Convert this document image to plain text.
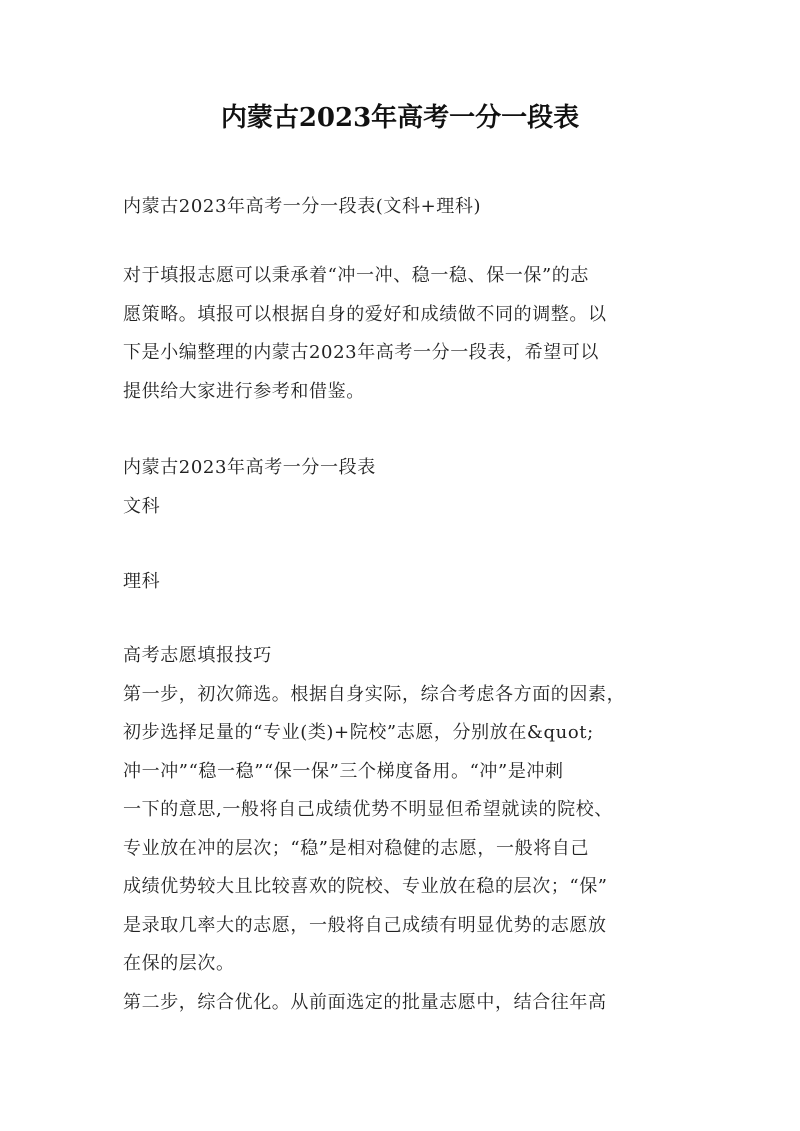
内蒙古2023年高考一分一段表
内蒙古2023年高考一分一段表(文科+理科)
对于填报志愿可以秉承着“冲一冲、稳一稳、保一保”的志
愿策略。填报可以根据自身的爱好和成绩做不同的调整。以
下是小编整理的内蒙古2023年高考一分一段表，希望可以
提供给大家进行参考和借鉴。
内蒙古2023年高考一分一段表
文科
理科
高考志愿填报技巧
第一步，初次筛选。根据自身实际，综合考虑各方面的因素，
初步选择足量的“专业(类)+院校”志愿，分别放在&quot;
冲一冲”“稳一稳”“保一保”三个梯度备用。“冲”是冲刺
一下的意思,一般将自己成绩优势不明显但希望就读的院校、
专业放在冲的层次；“稳”是相对稳健的志愿，一般将自己
成绩优势较大且比较喜欢的院校、专业放在稳的层次；“保”
是录取几率大的志愿，一般将自己成绩有明显优势的志愿放
在保的层次。
第二步，综合优化。从前面选定的批量志愿中，结合往年高
